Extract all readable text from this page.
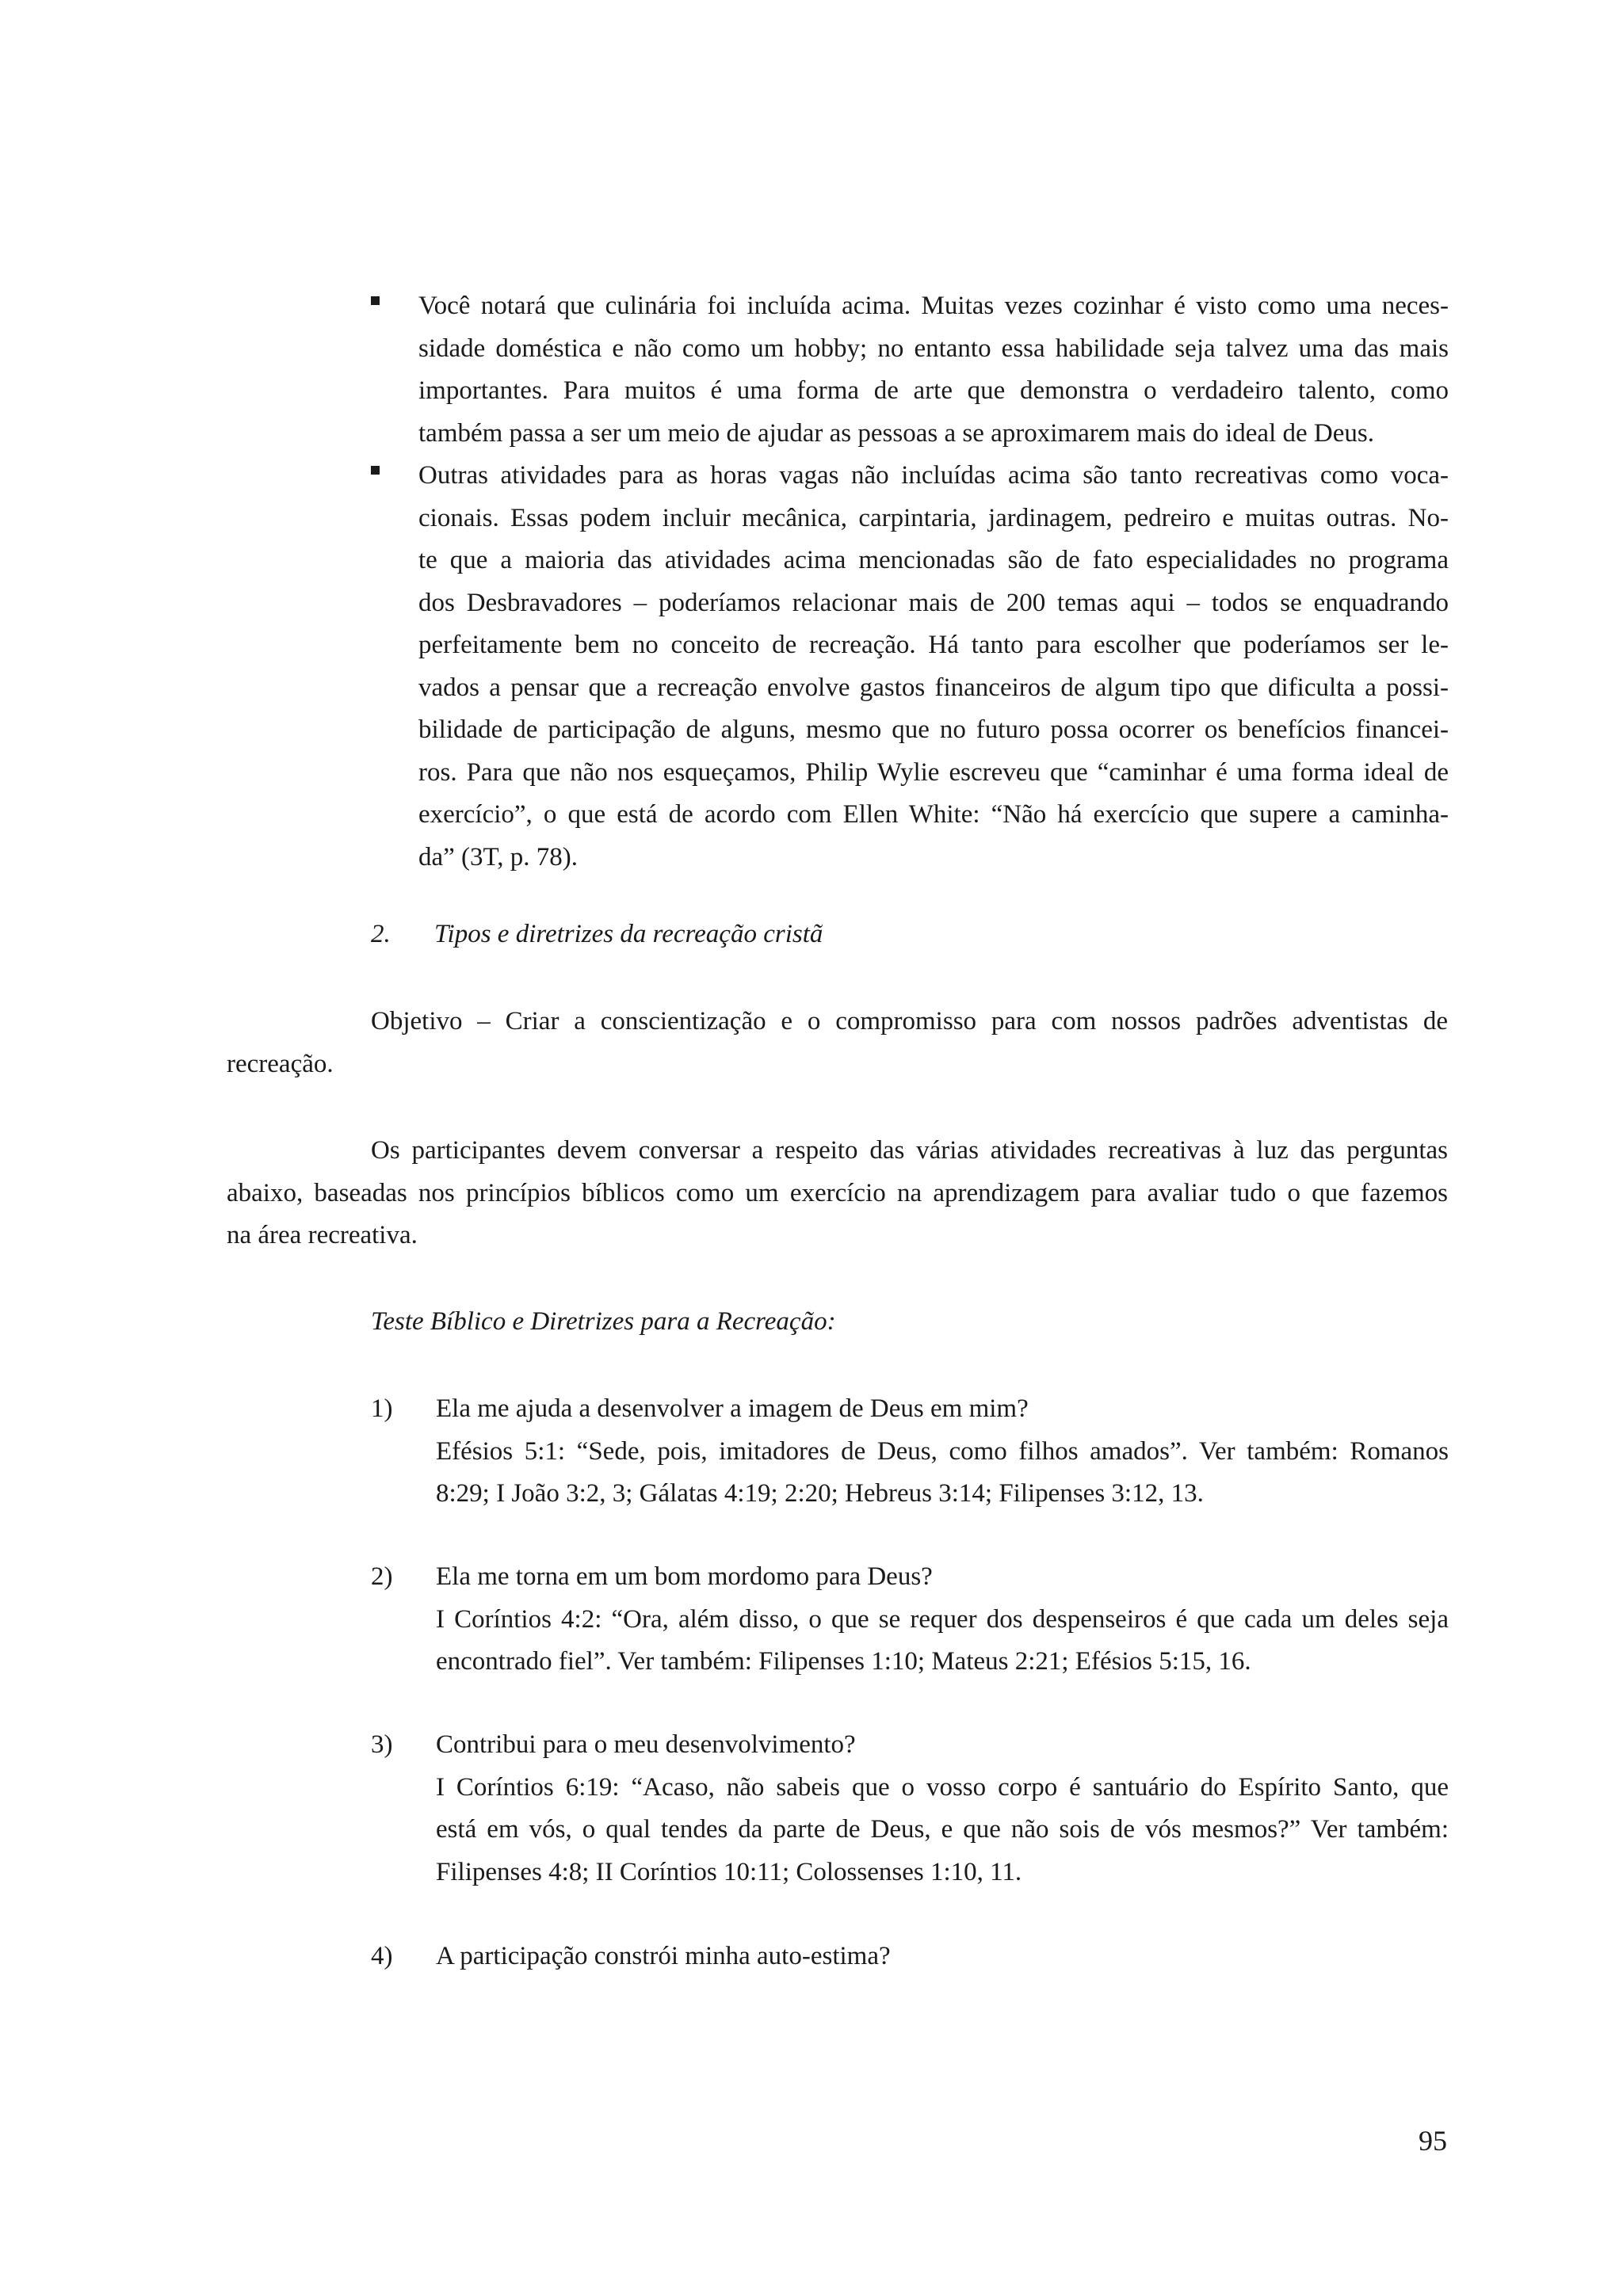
Você notará que culinária foi incluída acima. Muitas vezes cozinhar é visto como uma neces-
sidade doméstica e não como um hobby; no entanto essa habilidade seja talvez uma das mais
importantes. Para muitos é uma forma de arte que demonstra o verdadeiro talento, como
também passa a ser um meio de ajudar as pessoas a se aproximarem mais do ideal de Deus.
Outras atividades para as horas vagas não incluídas acima são tanto recreativas como voca-
cionais. Essas podem incluir mecânica, carpintaria, jardinagem, pedreiro e muitas outras. No-
te que a maioria das atividades acima mencionadas são de fato especialidades no programa
dos Desbravadores – poderíamos relacionar mais de 200 temas aqui – todos se enquadrando
perfeitamente bem no conceito de recreação. Há tanto para escolher que poderíamos ser le-
vados a pensar que a recreação envolve gastos financeiros de algum tipo que dificulta a possi-
bilidade de participação de alguns, mesmo que no futuro possa ocorrer os benefícios financei-
ros. Para que não nos esqueçamos, Philip Wylie escreveu que “caminhar é uma forma ideal de
exercício”, o que está de acordo com Ellen White: “Não há exercício que supere a caminha-
da” (3T, p. 78).
2. Tipos e diretrizes da recreação cristã
Objetivo – Criar a conscientização e o compromisso para com nossos padrões adventistas de
recreação.
Os participantes devem conversar a respeito das várias atividades recreativas à luz das perguntas
abaixo, baseadas nos princípios bíblicos como um exercício na aprendizagem para avaliar tudo o que fazemos
na área recreativa.
Teste Bíblico e Diretrizes para a Recreação:
1) Ela me ajuda a desenvolver a imagem de Deus em mim?
Efésios 5:1: “Sede, pois, imitadores de Deus, como filhos amados”. Ver também: Romanos
8:29; I João 3:2, 3; Gálatas 4:19; 2:20; Hebreus 3:14; Filipenses 3:12, 13.
2) Ela me torna em um bom mordomo para Deus?
I Coríntios 4:2: “Ora, além disso, o que se requer dos despenseiros é que cada um deles seja
encontrado fiel”. Ver também: Filipenses 1:10; Mateus 2:21; Efésios 5:15, 16.
3) Contribui para o meu desenvolvimento?
I Coríntios 6:19: “Acaso, não sabeis que o vosso corpo é santuário do Espírito Santo, que
está em vós, o qual tendes da parte de Deus, e que não sois de vós mesmos?” Ver também:
Filipenses 4:8; II Coríntios 10:11; Colossenses 1:10, 11.
4) A participação constrói minha auto-estima?
95
